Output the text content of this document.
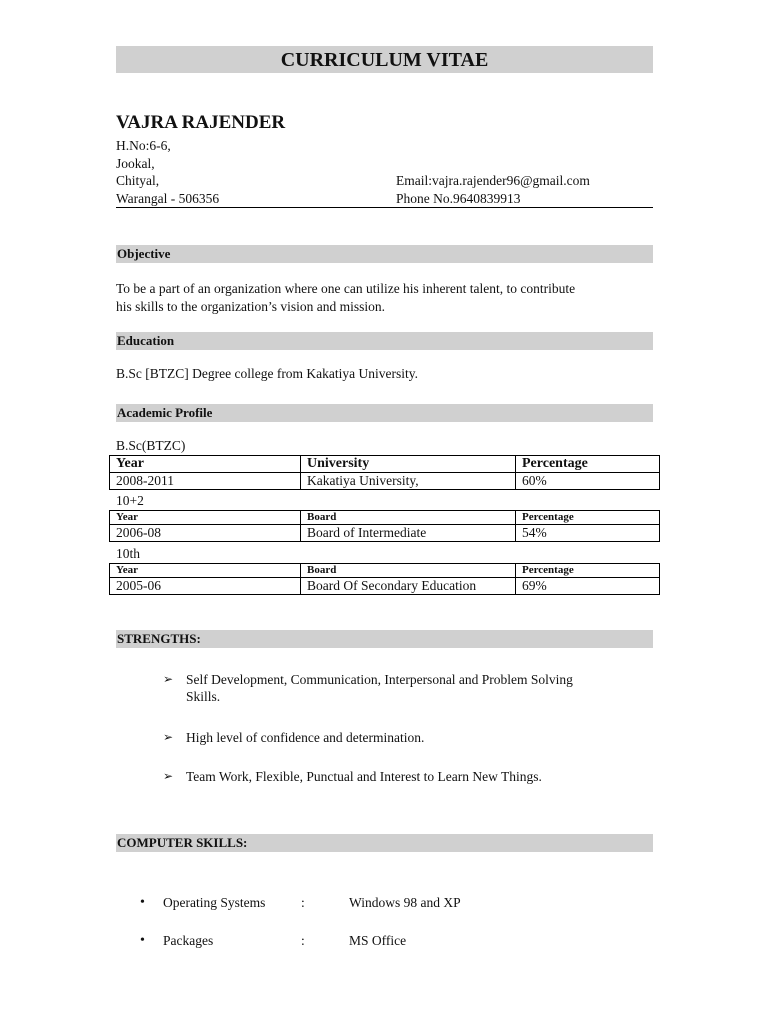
CURRICULUM VITAE
VAJRA RAJENDER
H.No:6-6,
Jookal,
Chityal,
Warangal - 506356
Email:vajra.rajender96@gmail.com
Phone No.9640839913
Objective
To be a part of an organization where one can utilize his inherent talent, to contribute
his skills to the organization’s vision and mission.
Education
B.Sc [BTZC] Degree college from Kakatiya University.
Academic Profile
B.Sc(BTZC)
Year	University	Percentage
2008-2011	Kakatiya University,	60%
10+2
Year	Board	Percentage
2006-08	Board of Intermediate	54%
10th
Year	Board	Percentage
2005-06	Board Of Secondary Education	69%
STRENGTHS:
➢ Self Development, Communication, Interpersonal and Problem Solving
Skills.
➢ High level of confidence and determination.
➢ Team Work, Flexible, Punctual and Interest to Learn New Things.
COMPUTER SKILLS:
• Operating Systems	:	Windows 98 and XP
• Packages	:	MS Office
